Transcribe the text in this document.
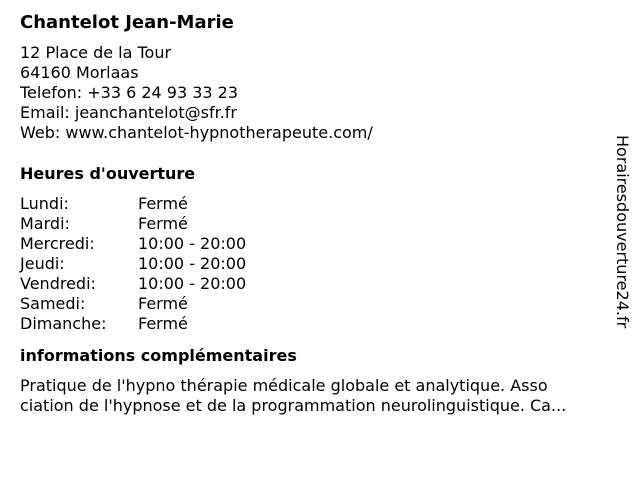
Chantelot Jean-Marie
12 Place de la Tour
64160 Morlaas
Telefon: +33 6 24 93 33 23
Email: jeanchantelot@sfr.fr
Web: www.chantelot-hypnotherapeute.com/
Heures d'ouverture
Lundi:	Fermé
Mardi:	Fermé
Mercredi:	10:00 - 20:00
Jeudi:	10:00 - 20:00
Vendredi:	10:00 - 20:00
Samedi:	Fermé
Dimanche:	Fermé
informations complémentaires
Pratique de l'hypno thérapie médicale globale et analytique. Asso
ciation de l'hypnose et de la programmation neurolinguistique. Ca...
Horairesdouverture24.fr
